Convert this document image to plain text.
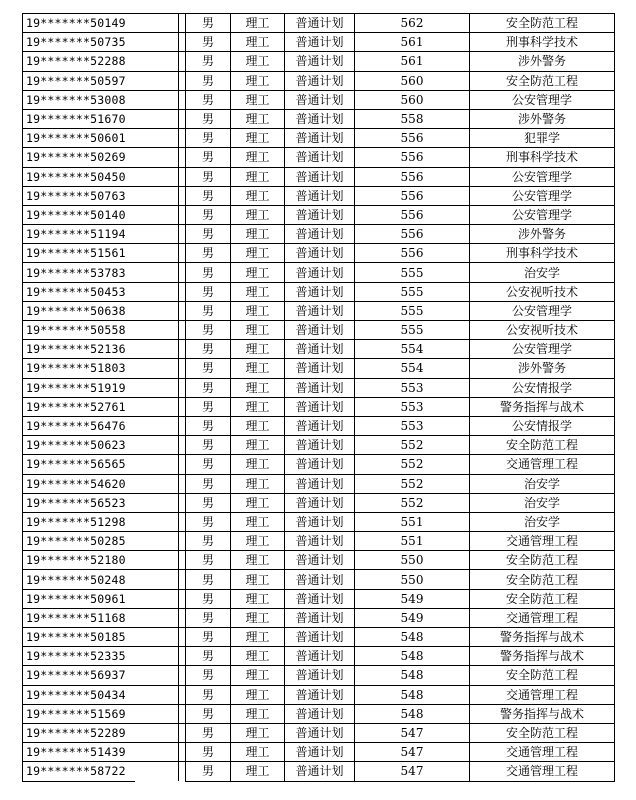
19*******50149			男	理工	普通计划	562	安全防范工程
19*******50735			男	理工	普通计划	561	刑事科学技术
19*******52288			男	理工	普通计划	561	涉外警务
19*******50597			男	理工	普通计划	560	安全防范工程
19*******53008			男	理工	普通计划	560	公安管理学
19*******51670			男	理工	普通计划	558	涉外警务
19*******50601			男	理工	普通计划	556	犯罪学
19*******50269			男	理工	普通计划	556	刑事科学技术
19*******50450			男	理工	普通计划	556	公安管理学
19*******50763			男	理工	普通计划	556	公安管理学
19*******50140			男	理工	普通计划	556	公安管理学
19*******51194			男	理工	普通计划	556	涉外警务
19*******51561			男	理工	普通计划	556	刑事科学技术
19*******53783			男	理工	普通计划	555	治安学
19*******50453			男	理工	普通计划	555	公安视听技术
19*******50638			男	理工	普通计划	555	公安管理学
19*******50558			男	理工	普通计划	555	公安视听技术
19*******52136			男	理工	普通计划	554	公安管理学
19*******51803			男	理工	普通计划	554	涉外警务
19*******51919			男	理工	普通计划	553	公安情报学
19*******52761			男	理工	普通计划	553	警务指挥与战术
19*******56476			男	理工	普通计划	553	公安情报学
19*******50623			男	理工	普通计划	552	安全防范工程
19*******56565			男	理工	普通计划	552	交通管理工程
19*******54620			男	理工	普通计划	552	治安学
19*******56523			男	理工	普通计划	552	治安学
19*******51298			男	理工	普通计划	551	治安学
19*******50285			男	理工	普通计划	551	交通管理工程
19*******52180			男	理工	普通计划	550	安全防范工程
19*******50248			男	理工	普通计划	550	安全防范工程
19*******50961			男	理工	普通计划	549	安全防范工程
19*******51168			男	理工	普通计划	549	交通管理工程
19*******50185			男	理工	普通计划	548	警务指挥与战术
19*******52335			男	理工	普通计划	548	警务指挥与战术
19*******56937			男	理工	普通计划	548	安全防范工程
19*******50434			男	理工	普通计划	548	交通管理工程
19*******51569			男	理工	普通计划	548	警务指挥与战术
19*******52289			男	理工	普通计划	547	安全防范工程
19*******51439			男	理工	普通计划	547	交通管理工程
19*******58722			男	理工	普通计划	547	交通管理工程
